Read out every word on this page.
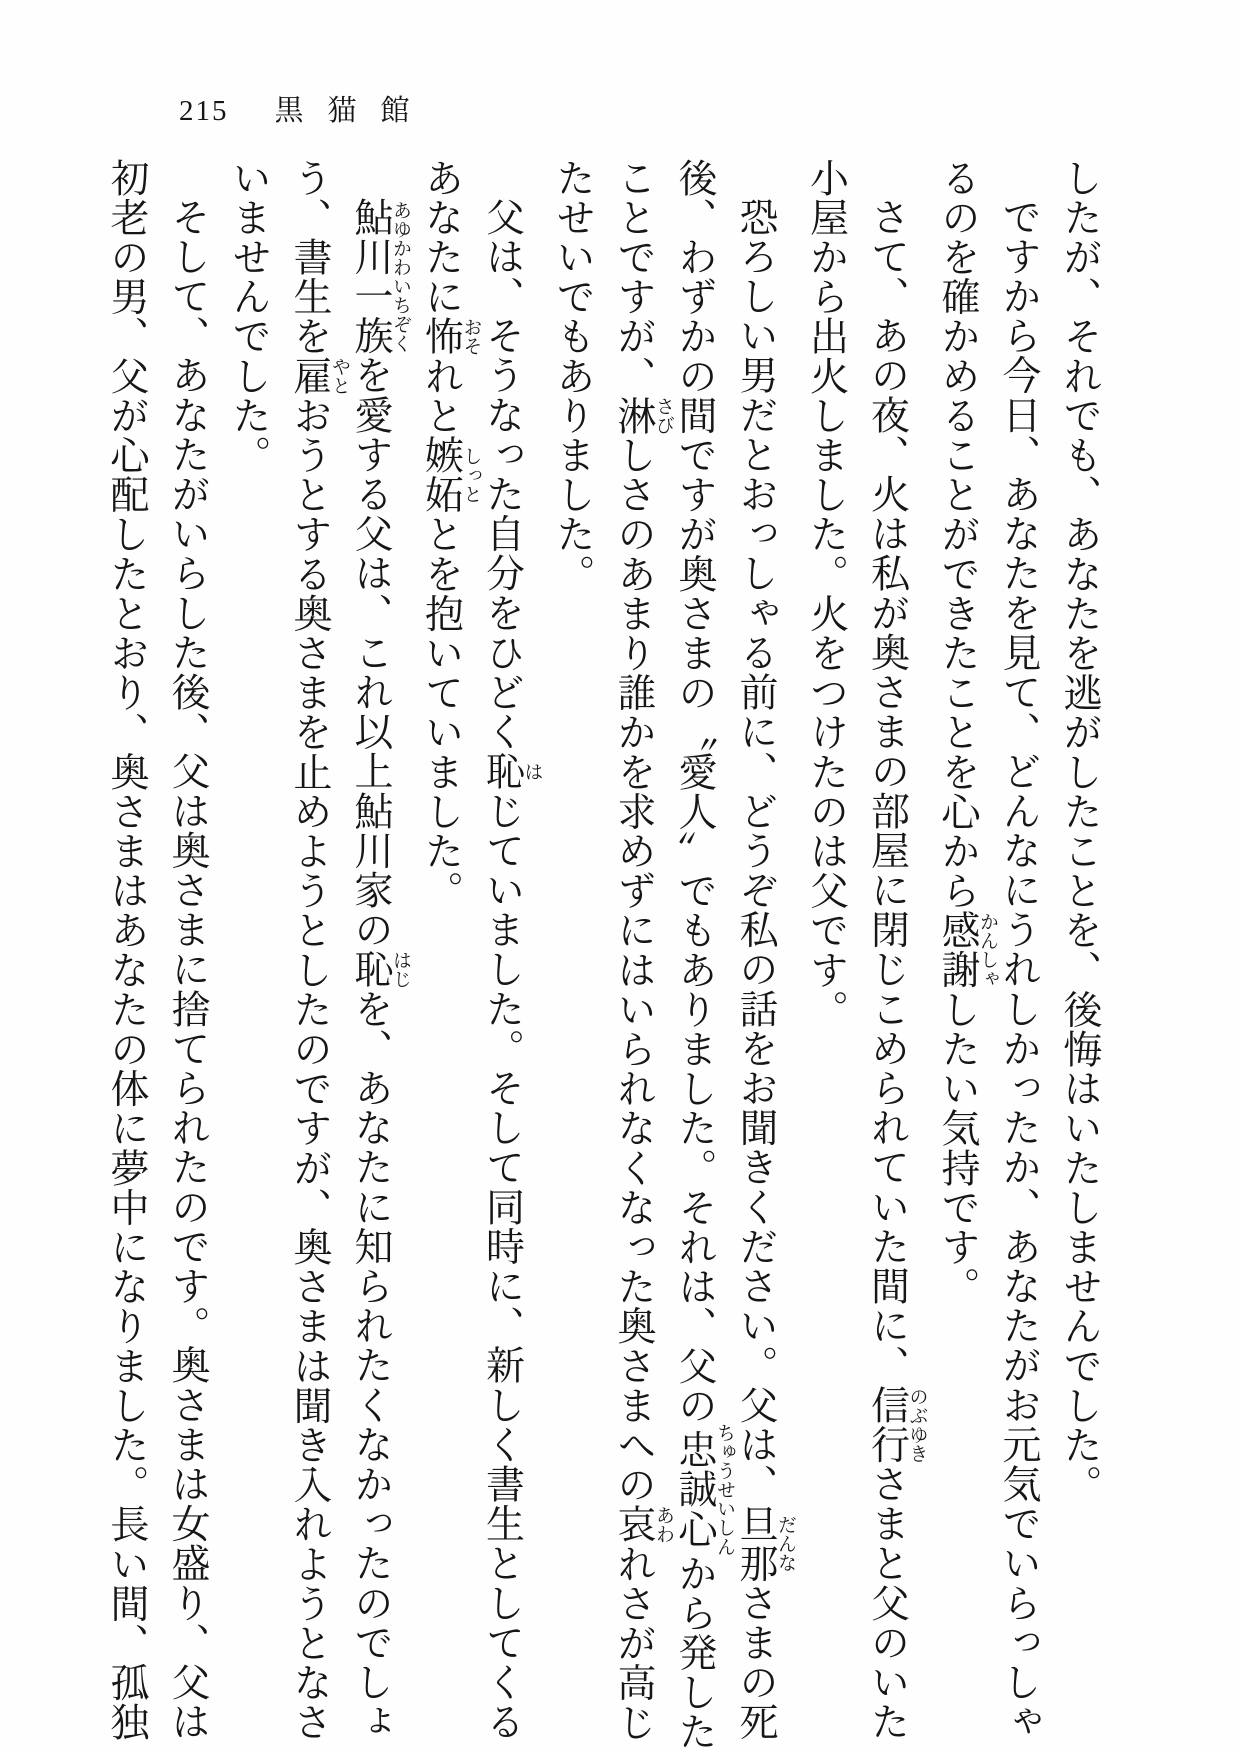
215 黒猫館

したが、それでも、あなたを逃がしたことを、後悔はいたしませんでした。

ですから今日、あなたを見て、どんなにうれしかったか、あなたがお元気でいらっしゃるのを確かめることができたことを心から感謝かんしゃしたい気持です。

さて、あの夜、火は私が奥さまの部屋に閉じこめられていた間に、信行のぶゆきさまと父のいた小屋から出火しました。火をつけたのは父です。

恐ろしい男だとおっしゃる前に、どうぞ私の話をお聞きください。父は、旦那だんなさまの死後、わずかの間ですが奥さまの〝愛人〟でもありました。それは、父の忠誠心ちゅうせいしんから発したことですが、淋さびしさのあまり誰かを求めずにはいられなくなった奥さまへの哀あわれさが高じたせいでもありました。

父は、そうなった自分をひどく恥はじていました。そして同時に、新しく書生としてくるあなたに怖おそれと嫉妬しっととを抱いていました。

鮎川一族あゆかわいちぞくを愛する父は、これ以上鮎川家の恥はじを、あなたに知られたくなかったのでしょう、書生を雇やとおうとする奥さまを止めようとしたのですが、奥さまは聞き入れようとなさいませんでした。

そして、あなたがいらした後、父は奥さまに捨てられたのです。奥さまは女盛り、父は初老の男、父が心配したとおり、奥さまはあなたの体に夢中になりました。長い間、孤独
